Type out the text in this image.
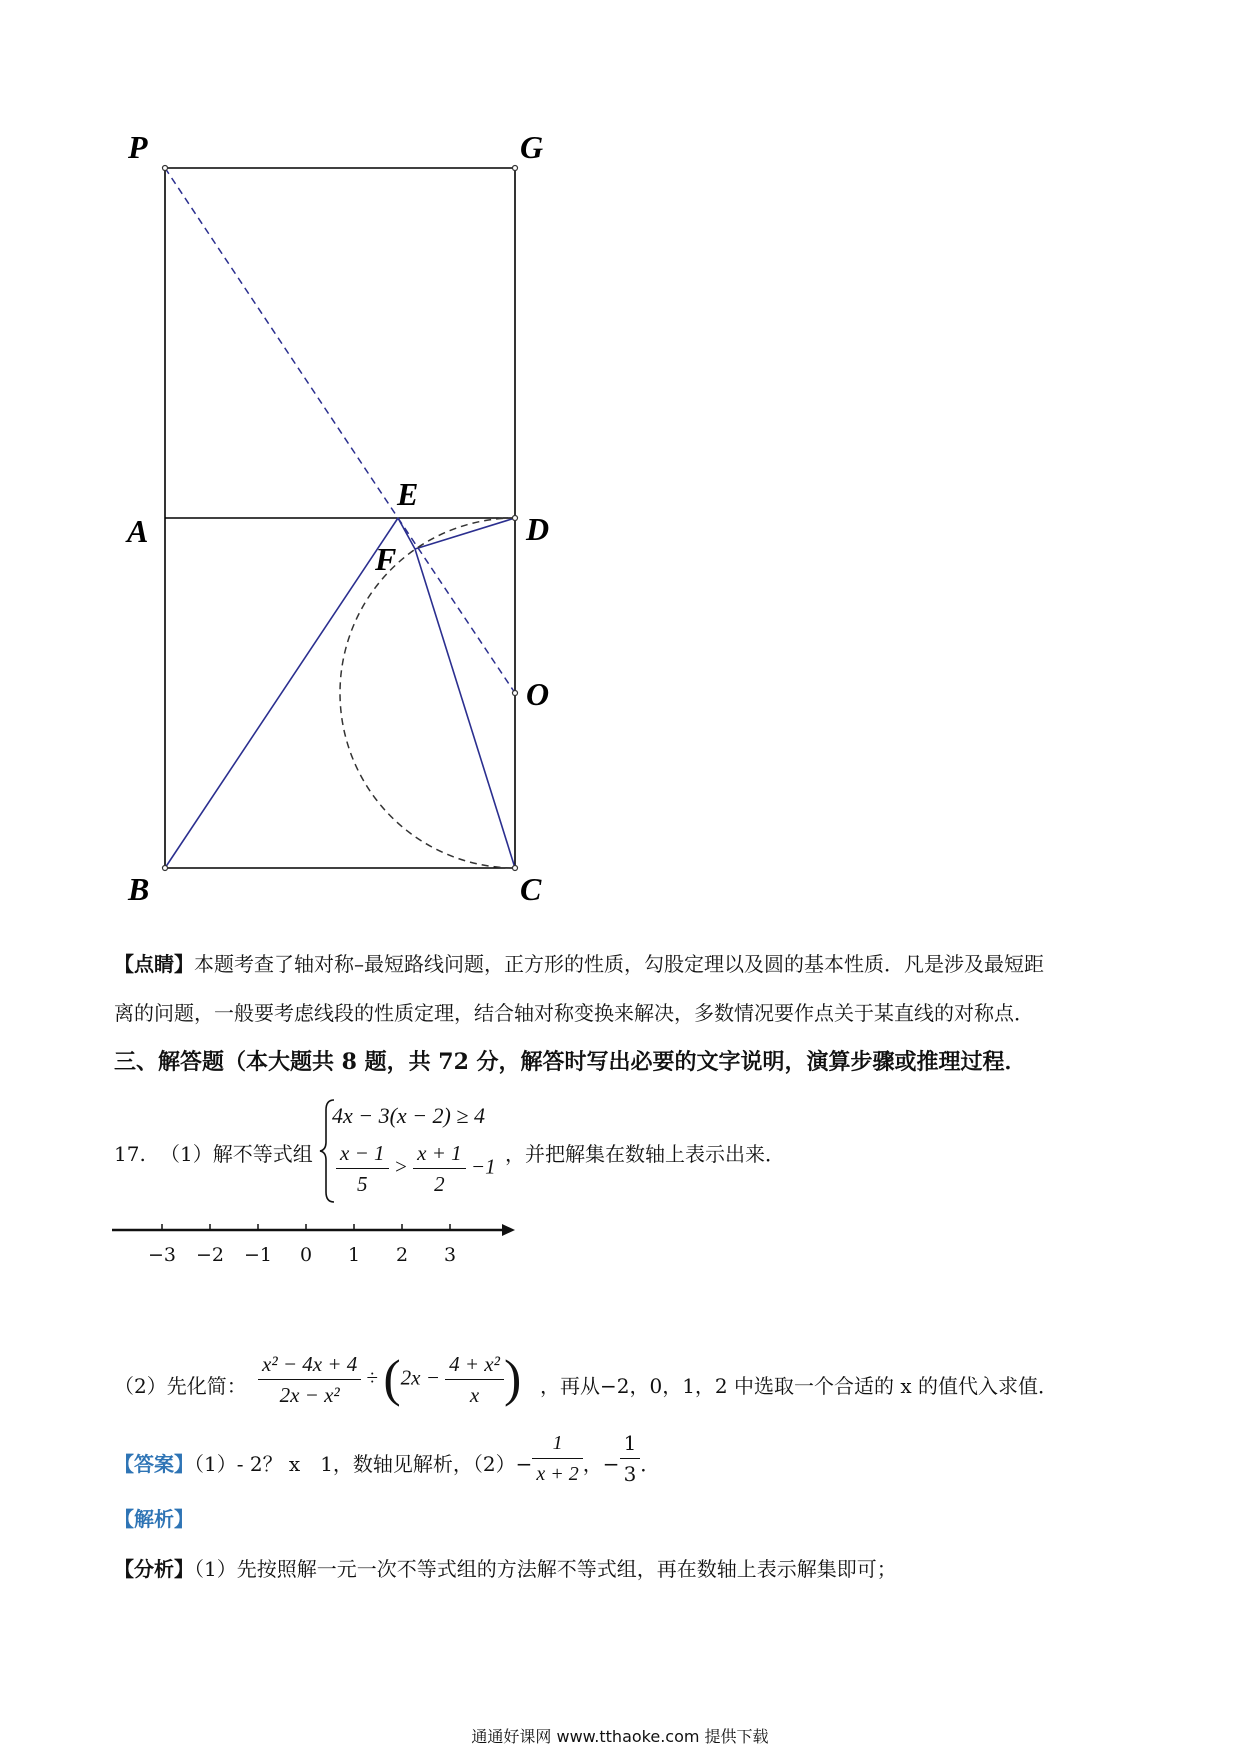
P	G
A
E
D
F
O
B	C
【点睛】本题考查了轴对称–最短路线问题，正方形的性质，勾股定理以及圆的基本性质．凡是涉及最短距
离的问题，一般要考虑线段的性质定理，结合轴对称变换来解决，多数情况要作点关于某直线的对称点．
三、解答题（本大题共 8 题，共 72 分，解答时写出必要的文字说明，演算步骤或推理过程．
17. （1）解不等式组
4x − 3(x − 2) ≥ 4
$\frac{x - 1}{5} > \frac{x + 1}{2} -1$
，并把解集在数轴上表示出来．
−3 −2 −1 0 1 2 3
（2）先化简： $\frac{\text{x² − 4x + 4}}{\text{2x − x²}} \div (2x - \frac{\text{4 + x²}}{x}$ ) ，再从−2，0，1，2 中选取一个合适的 x 的值代入求值．
【答案】（1）- 2？ x　1，数轴见解析，$(2)- \frac{1}{x + 2}$ ，− $\frac{1}{3}$ ．
【解析】
【分析】（1）先按照解一元一次不等式组的方法解不等式组，再在数轴上表示解集即可；
通通好课网 www.tthaoke.com 提供下载
